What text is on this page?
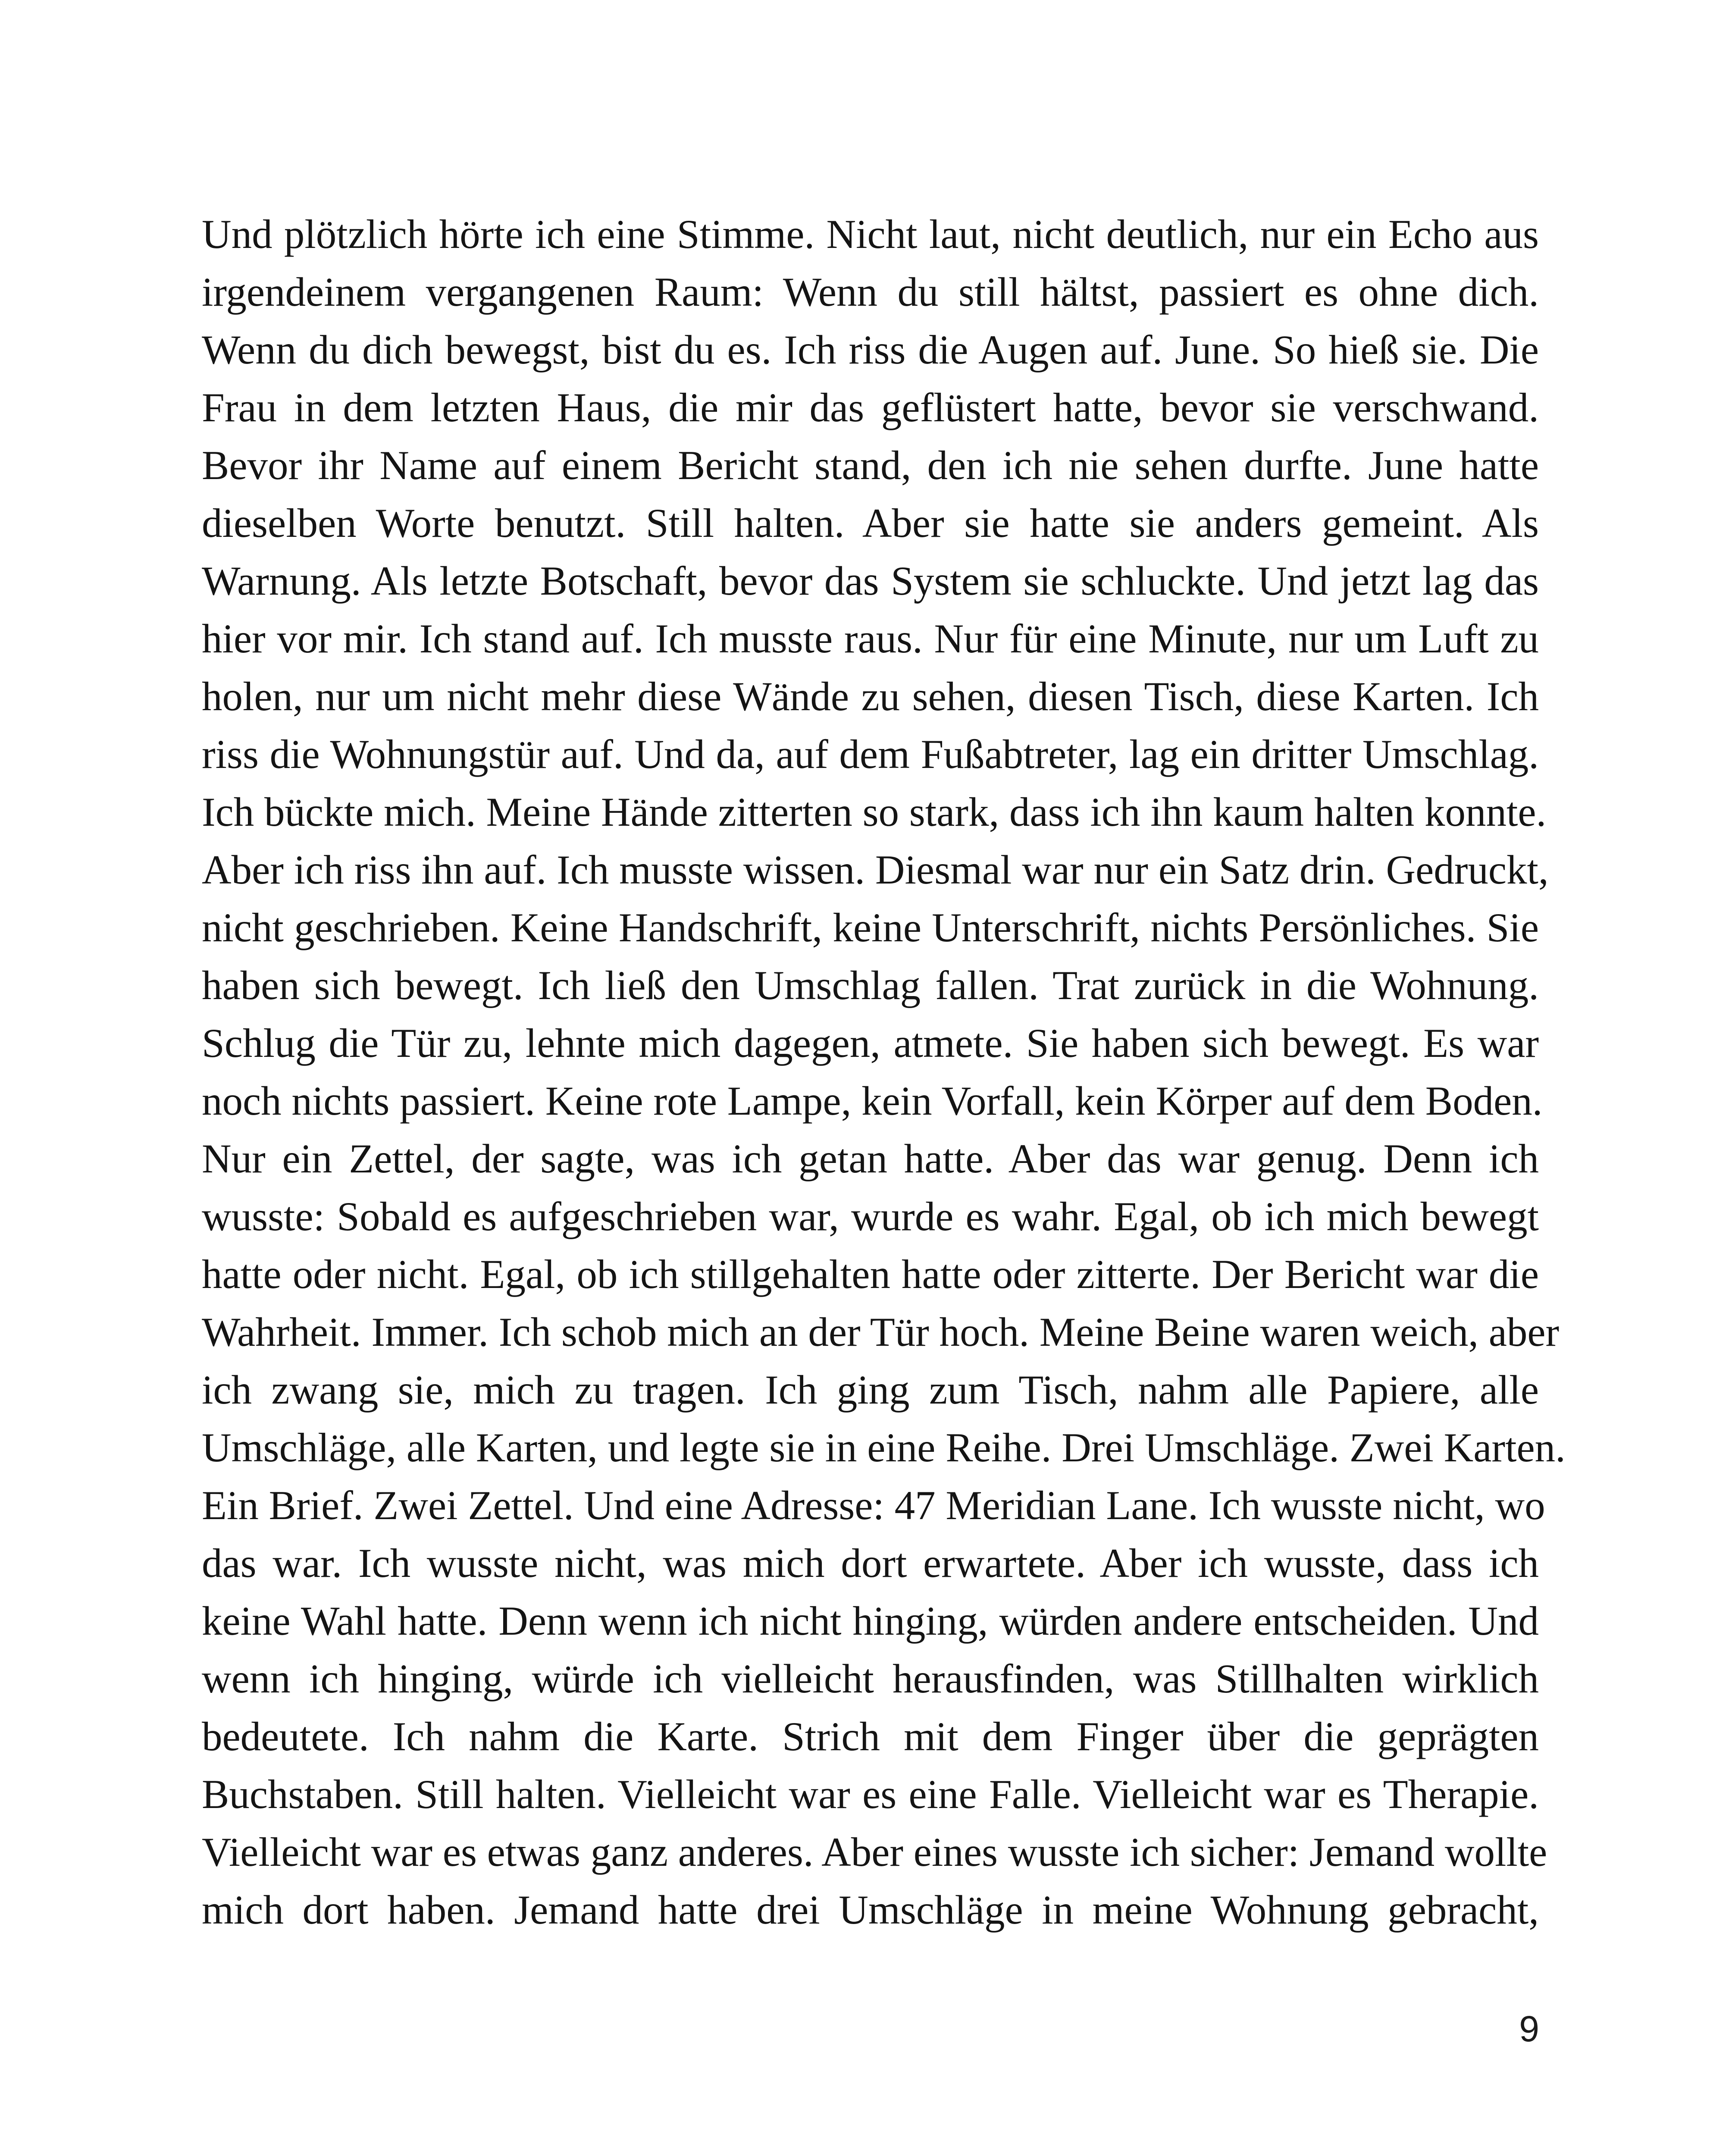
Und plötzlich hörte ich eine Stimme. Nicht laut, nicht deutlich, nur ein Echo aus
irgendeinem vergangenen Raum: Wenn du still hältst, passiert es ohne dich.
Wenn du dich bewegst, bist du es. Ich riss die Augen auf. June. So hieß sie. Die
Frau in dem letzten Haus, die mir das geflüstert hatte, bevor sie verschwand.
Bevor ihr Name auf einem Bericht stand, den ich nie sehen durfte. June hatte
dieselben Worte benutzt. Still halten. Aber sie hatte sie anders gemeint. Als
Warnung. Als letzte Botschaft, bevor das System sie schluckte. Und jetzt lag das
hier vor mir. Ich stand auf. Ich musste raus. Nur für eine Minute, nur um Luft zu
holen, nur um nicht mehr diese Wände zu sehen, diesen Tisch, diese Karten. Ich
riss die Wohnungstür auf. Und da, auf dem Fußabtreter, lag ein dritter Umschlag.
Ich bückte mich. Meine Hände zitterten so stark, dass ich ihn kaum halten konnte.
Aber ich riss ihn auf. Ich musste wissen. Diesmal war nur ein Satz drin. Gedruckt,
nicht geschrieben. Keine Handschrift, keine Unterschrift, nichts Persönliches. Sie
haben sich bewegt. Ich ließ den Umschlag fallen. Trat zurück in die Wohnung.
Schlug die Tür zu, lehnte mich dagegen, atmete. Sie haben sich bewegt. Es war
noch nichts passiert. Keine rote Lampe, kein Vorfall, kein Körper auf dem Boden.
Nur ein Zettel, der sagte, was ich getan hatte. Aber das war genug. Denn ich
wusste: Sobald es aufgeschrieben war, wurde es wahr. Egal, ob ich mich bewegt
hatte oder nicht. Egal, ob ich stillgehalten hatte oder zitterte. Der Bericht war die
Wahrheit. Immer. Ich schob mich an der Tür hoch. Meine Beine waren weich, aber
ich zwang sie, mich zu tragen. Ich ging zum Tisch, nahm alle Papiere, alle
Umschläge, alle Karten, und legte sie in eine Reihe. Drei Umschläge. Zwei Karten.
Ein Brief. Zwei Zettel. Und eine Adresse: 47 Meridian Lane. Ich wusste nicht, wo
das war. Ich wusste nicht, was mich dort erwartete. Aber ich wusste, dass ich
keine Wahl hatte. Denn wenn ich nicht hinging, würden andere entscheiden. Und
wenn ich hinging, würde ich vielleicht herausfinden, was Stillhalten wirklich
bedeutete. Ich nahm die Karte. Strich mit dem Finger über die geprägten
Buchstaben. Still halten. Vielleicht war es eine Falle. Vielleicht war es Therapie.
Vielleicht war es etwas ganz anderes. Aber eines wusste ich sicher: Jemand wollte
mich dort haben. Jemand hatte drei Umschläge in meine Wohnung gebracht,
9
